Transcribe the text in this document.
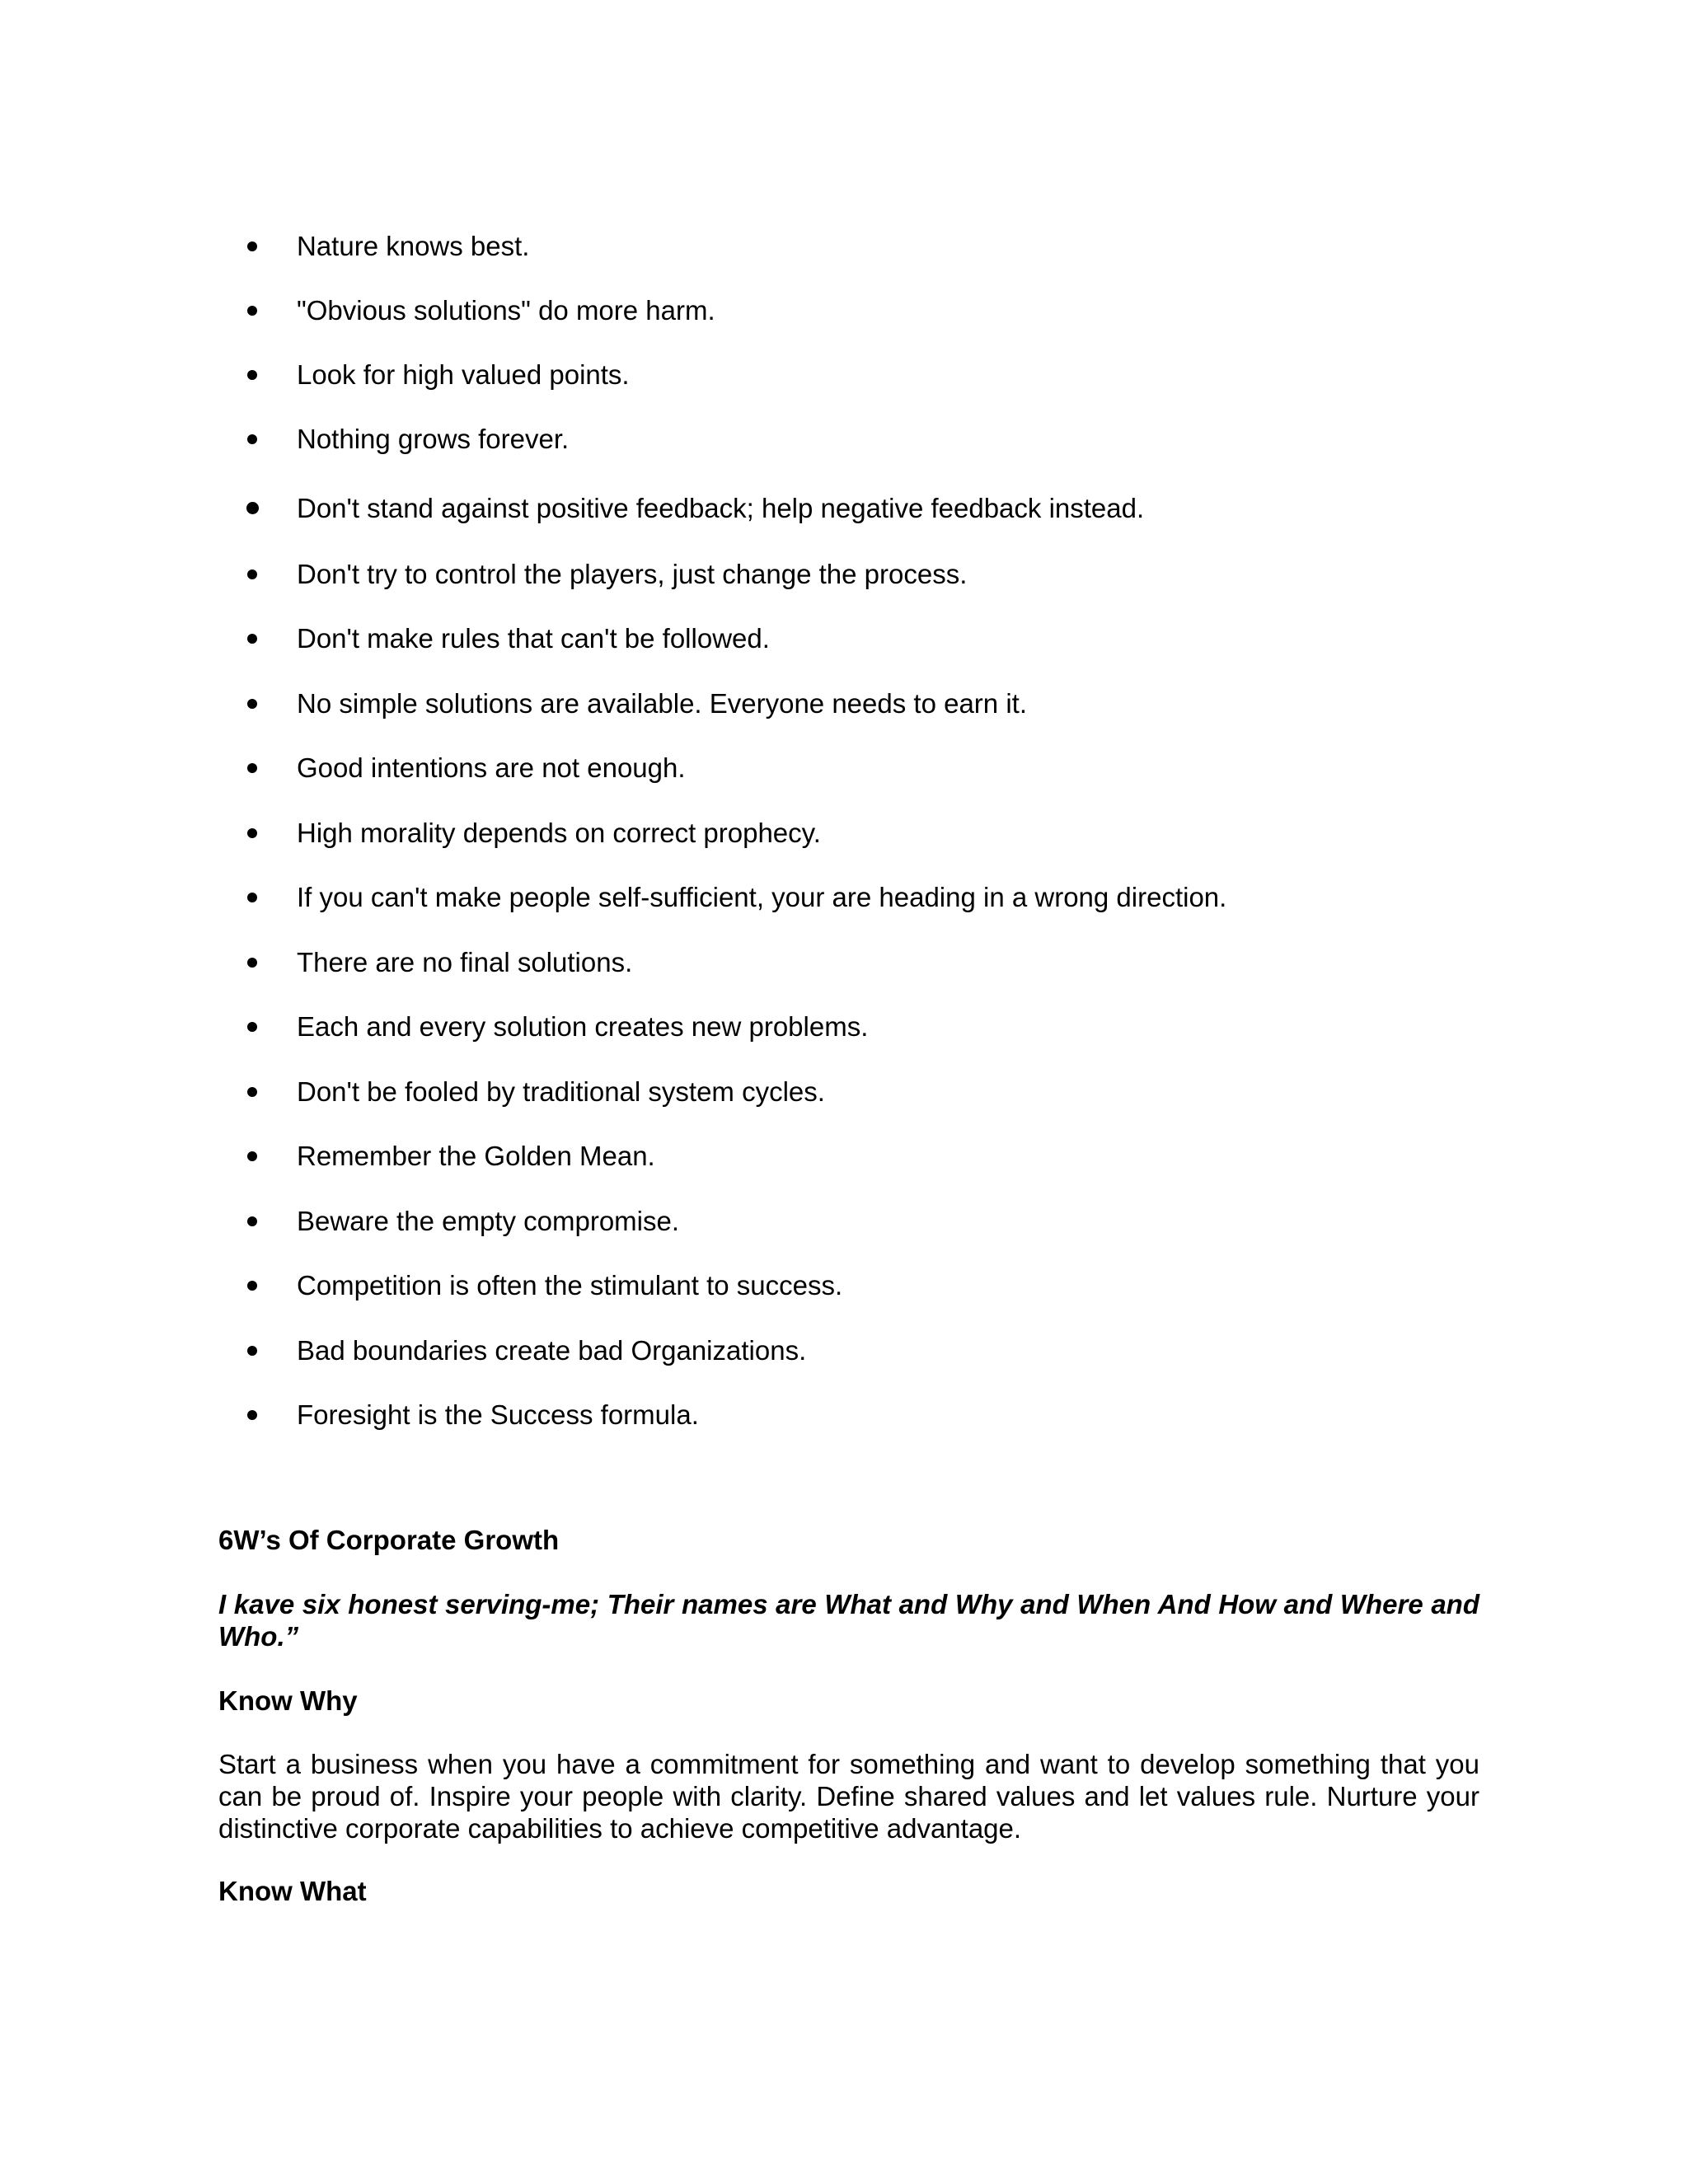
Nature knows best.
"Obvious solutions" do more harm.
Look for high valued points.
Nothing grows forever.
Don't stand against positive feedback; help negative feedback instead.
Don't try to control the players, just change the process.
Don't make rules that can't be followed.
No simple solutions are available. Everyone needs to earn it.
Good intentions are not enough.
High morality depends on correct prophecy.
If you can't make people self-sufficient, your are heading in a wrong direction.
There are no final solutions.
Each and every solution creates new problems.
Don't be fooled by traditional system cycles.
Remember the Golden Mean.
Beware the empty compromise.
Competition is often the stimulant to success.
Bad boundaries create bad Organizations.
Foresight is the Success formula.
6W’s Of Corporate Growth

I kave six honest serving-me; Their names are What and Why and When And How and Where and Who.”

Know Why

Start a business when you have a commitment for something and want to develop something that you can be proud of. Inspire your people with clarity. Define shared values and let values rule. Nurture your distinctive corporate capabilities to achieve competitive advantage.

Know What
